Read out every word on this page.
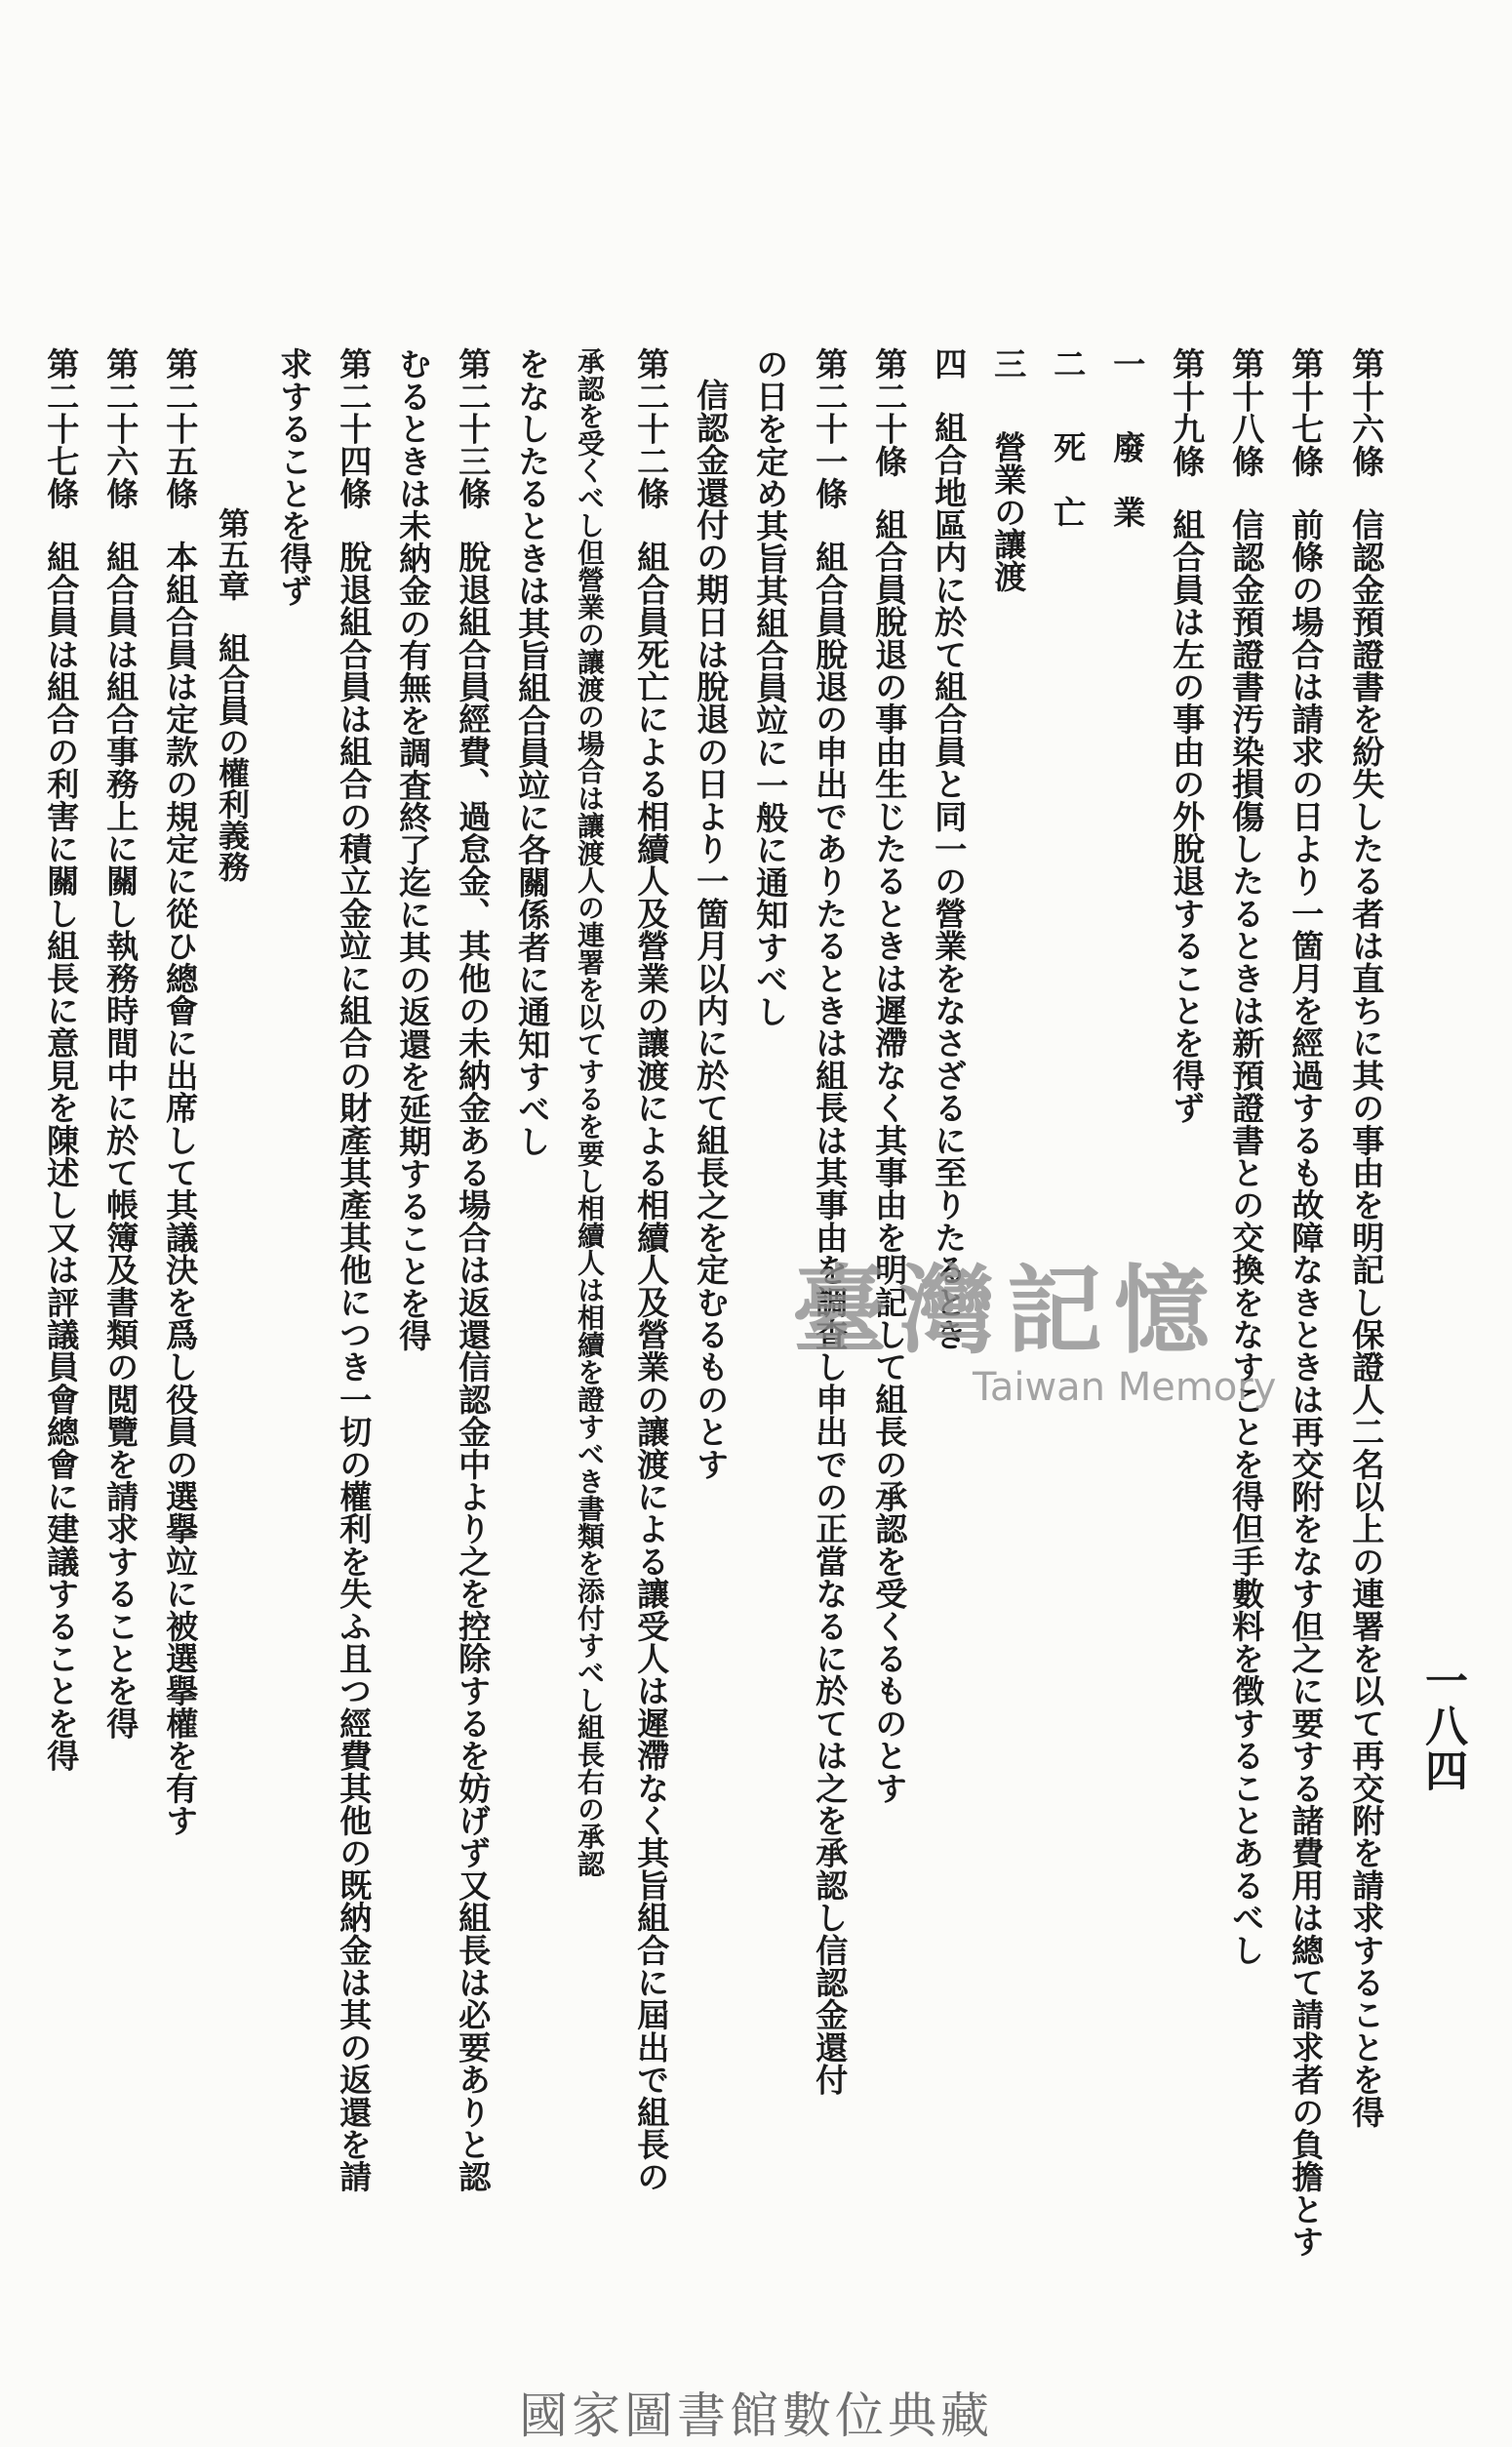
一八四
第十六條信認金預證書を紛失したる者は直ちに其の事由を明記し保證人二名以上の連署を以て再交附を請求することを得
第十七條前條の場合は請求の日より一箇月を經過するも故障なきときは再交附をなす但之に要する諸費用は總て請求者の負擔とす
第十八條信認金預證書汚染損傷したるときは新預證書との交換をなすことを得但手數料を徴することあるべし
第十九條組合員は左の事由の外脫退することを得ず
一廢　業
二死　亡
三營業の讓渡
四組合地區内に於て組合員と同一の營業をなさざるに至りたるとき
第二十條組合員脫退の事由生じたるときは遲滯なく其事由を明記して組長の承認を受くるものとす
第二十一條組合員脫退の申出でありたるときは組長は其事由を調査し申出での正當なるに於ては之を承認し信認金還付
の日を定め其旨其組合員竝に一般に通知すべし
信認金還付の期日は脫退の日より一箇月以内に於て組長之を定むるものとす
第二十二條組合員死亡による相續人及營業の讓渡による相續人及營業の讓渡による讓受人は遲滯なく其旨組合に屆出で組長の
承認を受くべし但營業の讓渡の場合は讓渡人の連署を以てするを要し相續人は相續を證すべき書類を添付すべし組長右の承認
をなしたるときは其旨組合員竝に各關係者に通知すべし
第二十三條脫退組合員經費、過怠金、其他の未納金ある場合は返還信認金中より之を控除するを妨げず又組長は必要ありと認
むるときは未納金の有無を調査終了迄に其の返還を延期することを得
第二十四條脫退組合員は組合の積立金竝に組合の財產其產其他につき一切の權利を失ふ且つ經費其他の既納金は其の返還を請
求することを得ず
第五章組合員の權利義務
第二十五條本組合員は定款の規定に從ひ總會に出席して其議決を爲し役員の選擧竝に被選擧權を有す
第二十六條組合員は組合事務上に關し執務時間中に於て帳簿及書類の閲覽を請求することを得
第二十七條組合員は組合の利害に關し組長に意見を陳述し又は評議員會總會に建議することを得	臺灣記憶
Taiwan Memory
國家圖書館數位典藏
